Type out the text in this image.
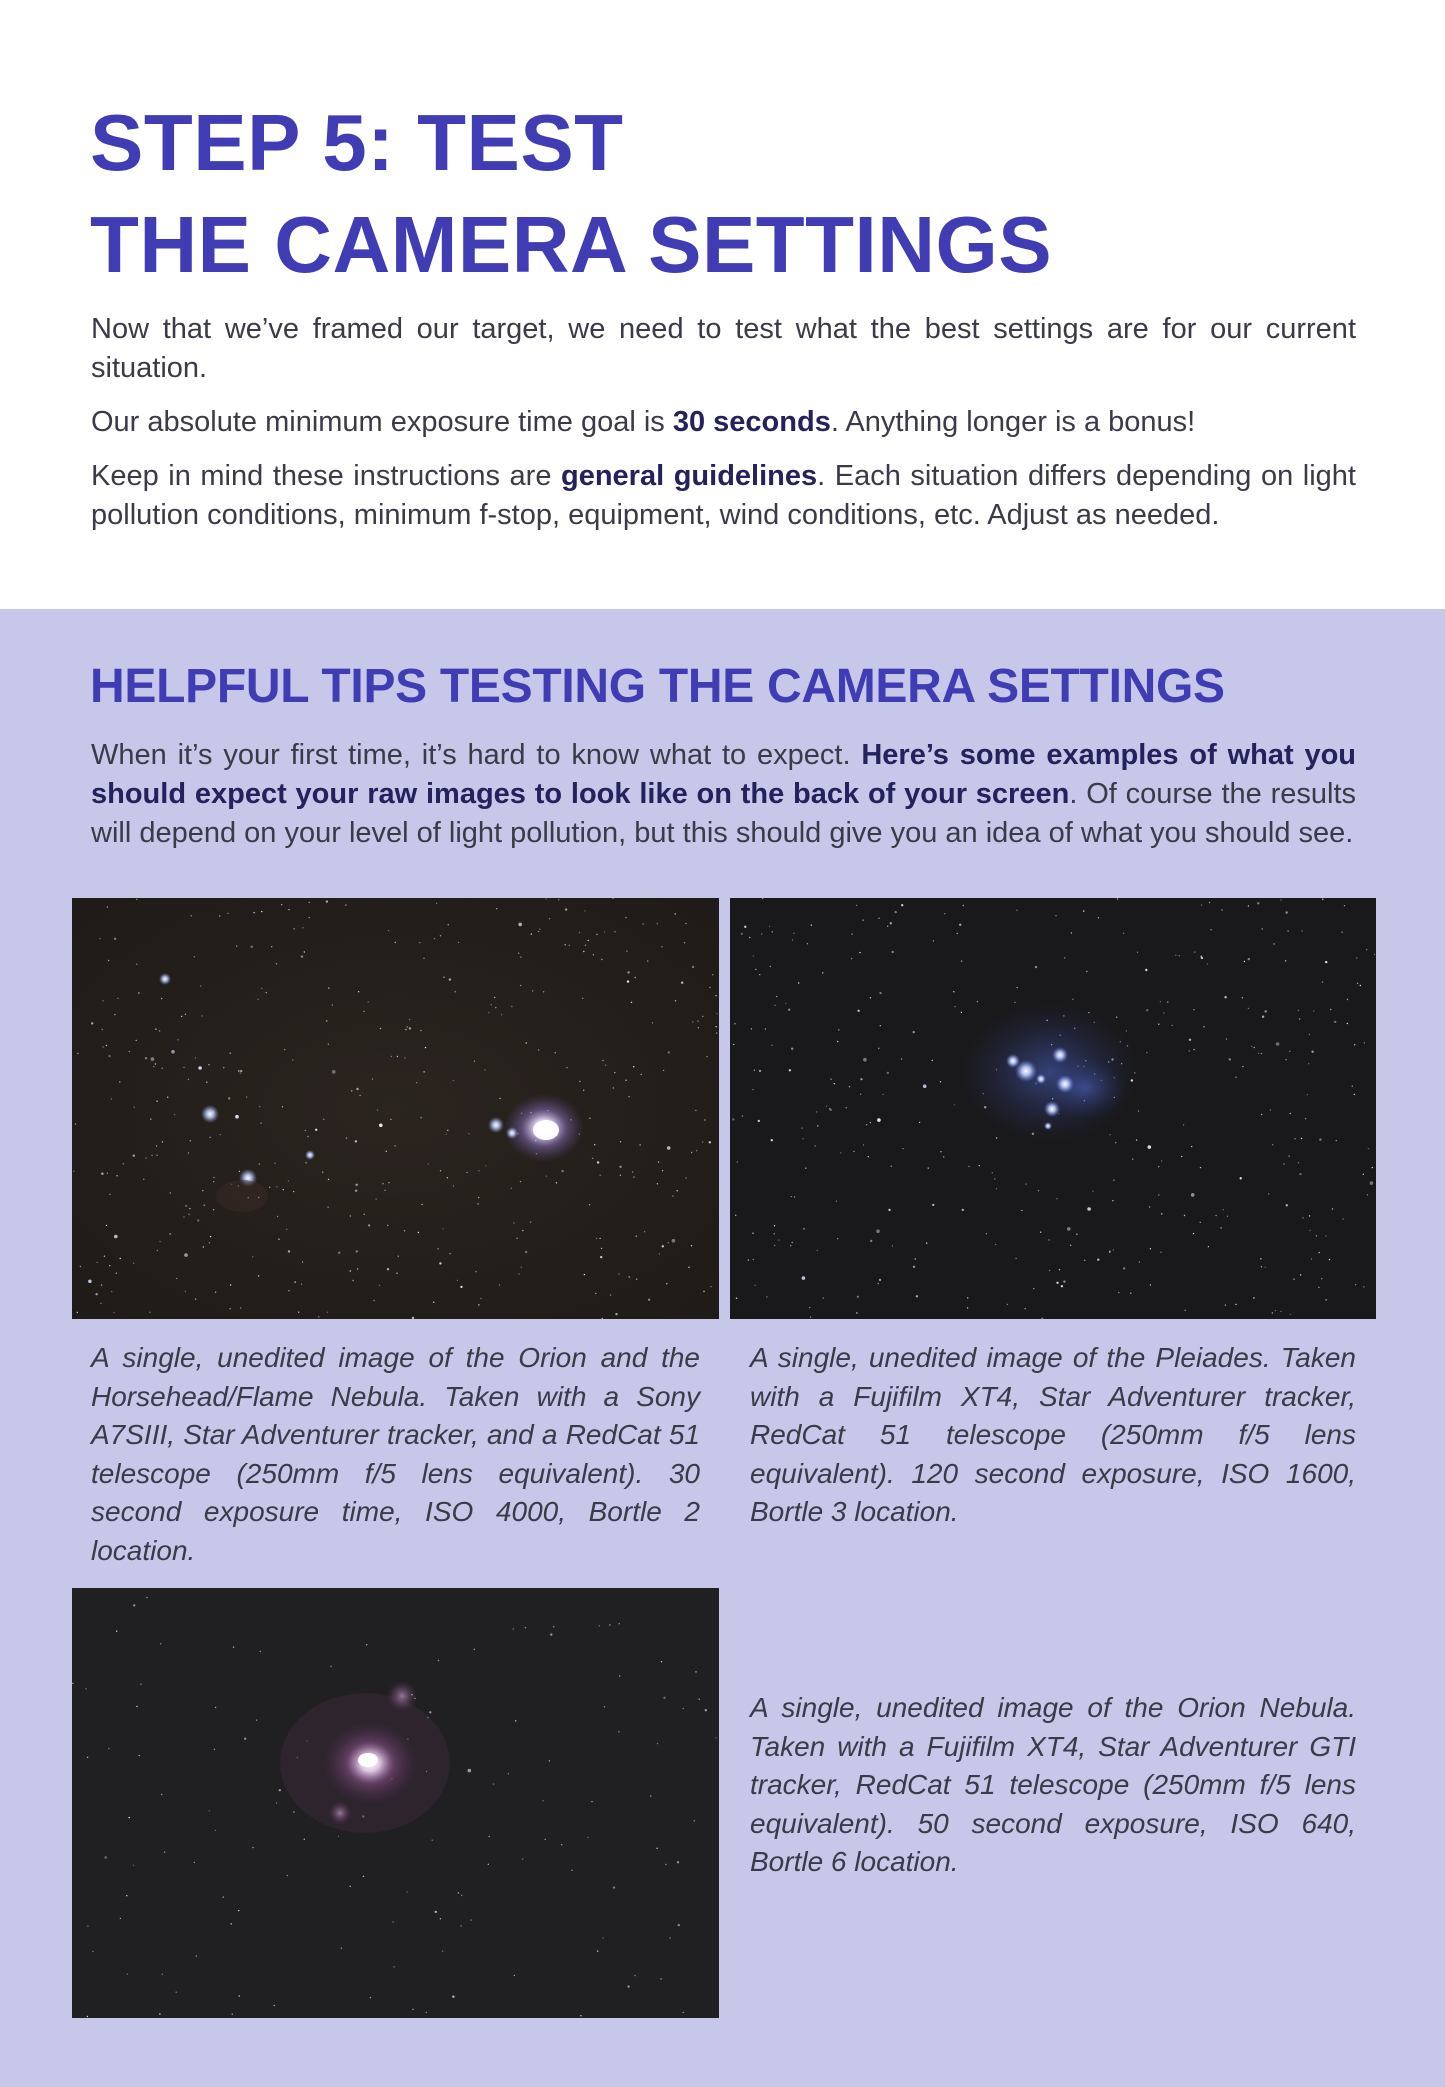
STEP 5: TEST
THE CAMERA SETTINGS

Now that we’ve framed our target, we need to test what the best settings are for our current situation.

Our absolute minimum exposure time goal is 30 seconds. Anything longer is a bonus!

Keep in mind these instructions are general guidelines. Each situation differs depending on light pollution conditions, minimum f-stop, equipment, wind conditions, etc. Adjust as needed.

HELPFUL TIPS TESTING THE CAMERA SETTINGS

When it’s your first time, it’s hard to know what to expect. Here’s some examples of what you should expect your raw images to look like on the back of your screen. Of course the results will depend on your level of light pollution, but this should give you an idea of what you should see.

A single, unedited image of the Orion and the Horsehead/Flame Nebula. Taken with a Sony A7SIII, Star Adventurer tracker, and a RedCat 51 telescope (250mm f/5 lens equivalent). 30 second exposure time, ISO 4000, Bortle 2 location.

A single, unedited image of the Pleiades. Taken with a Fujifilm XT4, Star Adventurer tracker, RedCat 51 telescope (250mm f/5 lens equivalent). 120 second exposure, ISO 1600, Bortle 3 location.

A single, unedited image of the Orion Nebula. Taken with a Fujifilm XT4, Star Adventurer GTI tracker, RedCat 51 telescope (250mm f/5 lens equivalent). 50 second exposure, ISO 640, Bortle 6 location.
